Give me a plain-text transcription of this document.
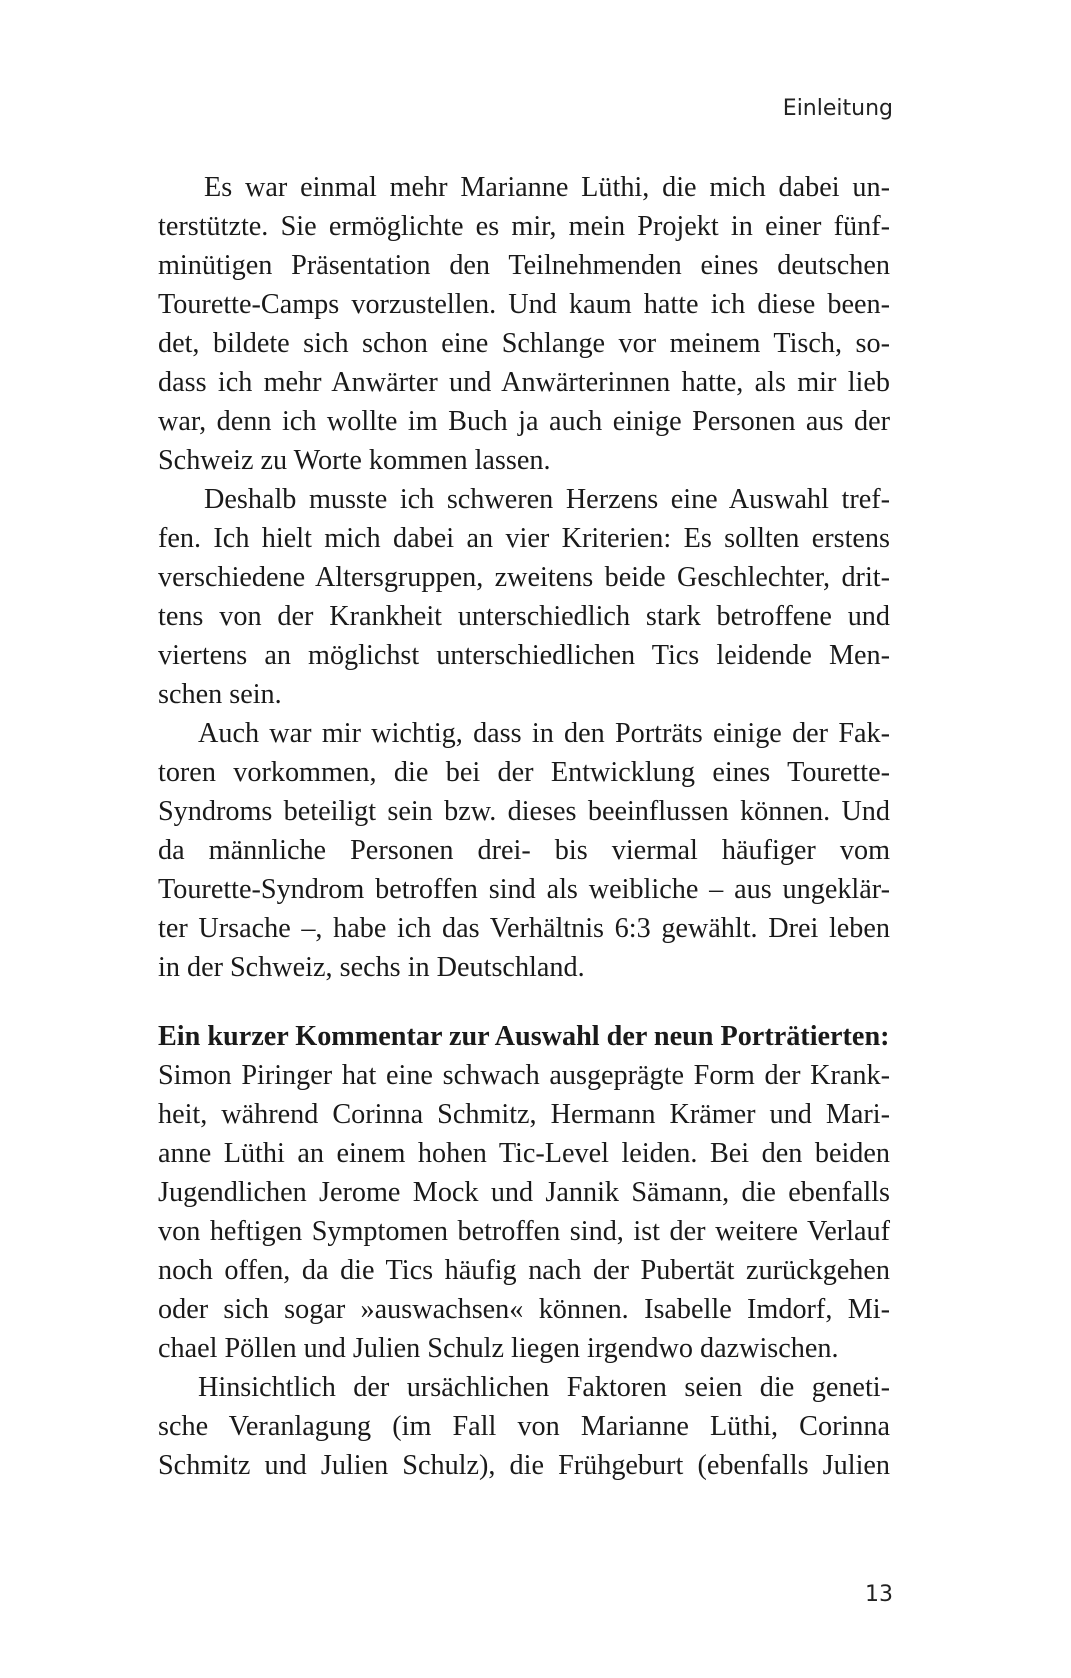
Einleitung
Es war einmal mehr Marianne Lüthi, die mich dabei un-
terstützte. Sie ermöglichte es mir, mein Projekt in einer fünf-
minütigen Präsentation den Teilnehmenden eines deutschen
Tourette-Camps vorzustellen. Und kaum hatte ich diese been-
det, bildete sich schon eine Schlange vor meinem Tisch, so-
dass ich mehr Anwärter und Anwärterinnen hatte, als mir lieb
war, denn ich wollte im Buch ja auch einige Personen aus der
Schweiz zu Worte kommen lassen.
Deshalb musste ich schweren Herzens eine Auswahl tref-
fen. Ich hielt mich dabei an vier Kriterien: Es sollten erstens
verschiedene Altersgruppen, zweitens beide Geschlechter, drit-
tens von der Krankheit unterschiedlich stark betroffene und
viertens an möglichst unterschiedlichen Tics leidende Men-
schen sein.
Auch war mir wichtig, dass in den Porträts einige der Fak-
toren vorkommen, die bei der Entwicklung eines Tourette-
Syndroms beteiligt sein bzw. dieses beeinflussen können. Und
da männliche Personen drei- bis viermal häufiger vom
Tourette-Syndrom betroffen sind als weibliche – aus ungeklär-
ter Ursache –, habe ich das Verhältnis 6:3 gewählt. Drei leben
in der Schweiz, sechs in Deutschland.
Ein kurzer Kommentar zur Auswahl der neun Porträtierten:
Simon Piringer hat eine schwach ausgeprägte Form der Krank-
heit, während Corinna Schmitz, Hermann Krämer und Mari-
anne Lüthi an einem hohen Tic-Level leiden. Bei den beiden
Jugendlichen Jerome Mock und Jannik Sämann, die ebenfalls
von heftigen Symptomen betroffen sind, ist der weitere Verlauf
noch offen, da die Tics häufig nach der Pubertät zurückgehen
oder sich sogar »auswachsen« können. Isabelle Imdorf, Mi-
chael Pöllen und Julien Schulz liegen irgendwo dazwischen.
Hinsichtlich der ursächlichen Faktoren seien die geneti-
sche Veranlagung (im Fall von Marianne Lüthi, Corinna
Schmitz und Julien Schulz), die Frühgeburt (ebenfalls Julien
13
